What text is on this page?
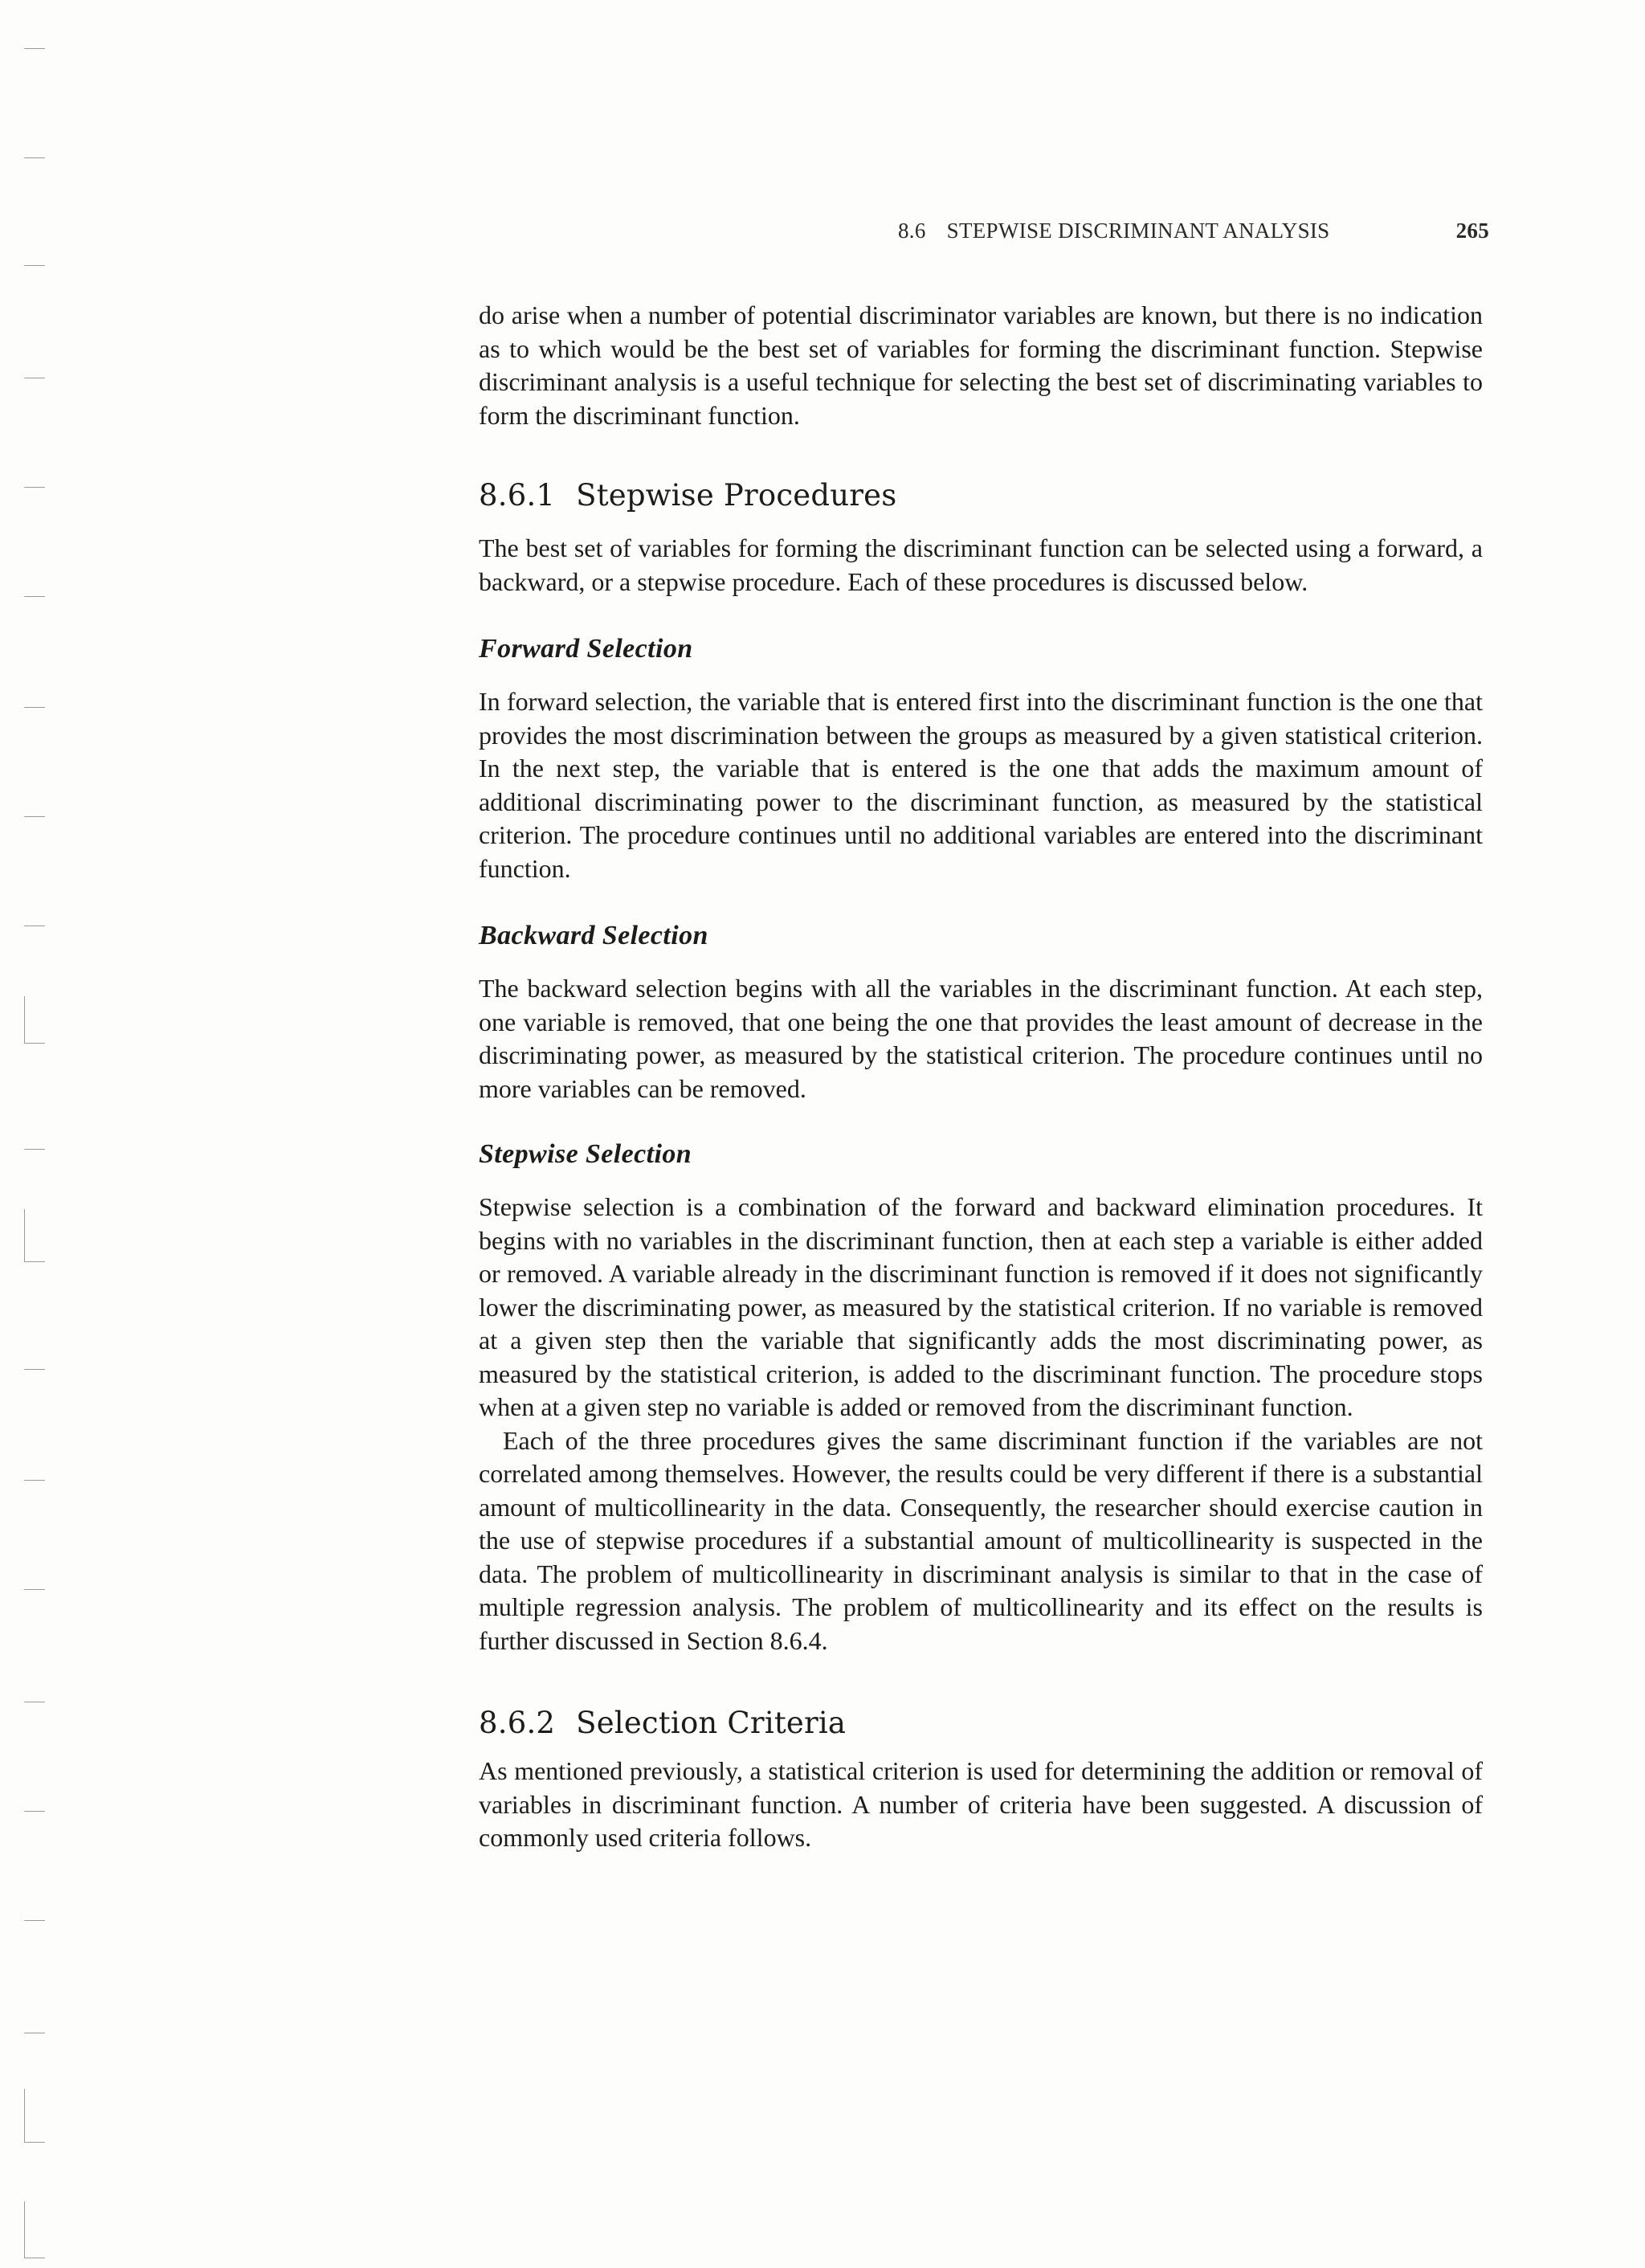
8.6 STEPWISE DISCRIMINANT ANALYSIS	265

do arise when a number of potential discriminator variables are known, but there is no indication as to which would be the best set of variables for forming the discriminant function. Stepwise discriminant analysis is a useful technique for selecting the best set of discriminating variables to form the discriminant function.

8.6.1 Stepwise Procedures

The best set of variables for forming the discriminant function can be selected using a forward, a backward, or a stepwise procedure. Each of these procedures is discussed below.

Forward Selection

In forward selection, the variable that is entered first into the discriminant function is the one that provides the most discrimination between the groups as measured by a given statistical criterion. In the next step, the variable that is entered is the one that adds the maximum amount of additional discriminating power to the discriminant function, as measured by the statistical criterion. The procedure continues until no additional variables are entered into the discriminant function.

Backward Selection

The backward selection begins with all the variables in the discriminant function. At each step, one variable is removed, that one being the one that provides the least amount of decrease in the discriminating power, as measured by the statistical criterion. The procedure continues until no more variables can be removed.

Stepwise Selection

Stepwise selection is a combination of the forward and backward elimination procedures. It begins with no variables in the discriminant function, then at each step a variable is either added or removed. A variable already in the discriminant function is removed if it does not significantly lower the discriminating power, as measured by the statistical criterion. If no variable is removed at a given step then the variable that significantly adds the most discriminating power, as measured by the statistical criterion, is added to the discriminant function. The procedure stops when at a given step no variable is added or removed from the discriminant function.

Each of the three procedures gives the same discriminant function if the variables are not correlated among themselves. However, the results could be very different if there is a substantial amount of multicollinearity in the data. Consequently, the researcher should exercise caution in the use of stepwise procedures if a substantial amount of multicollinearity is suspected in the data. The problem of multicollinearity in discriminant analysis is similar to that in the case of multiple regression analysis. The problem of multicollinearity and its effect on the results is further discussed in Section 8.6.4.

8.6.2 Selection Criteria

As mentioned previously, a statistical criterion is used for determining the addition or removal of variables in discriminant function. A number of criteria have been suggested. A discussion of commonly used criteria follows.
